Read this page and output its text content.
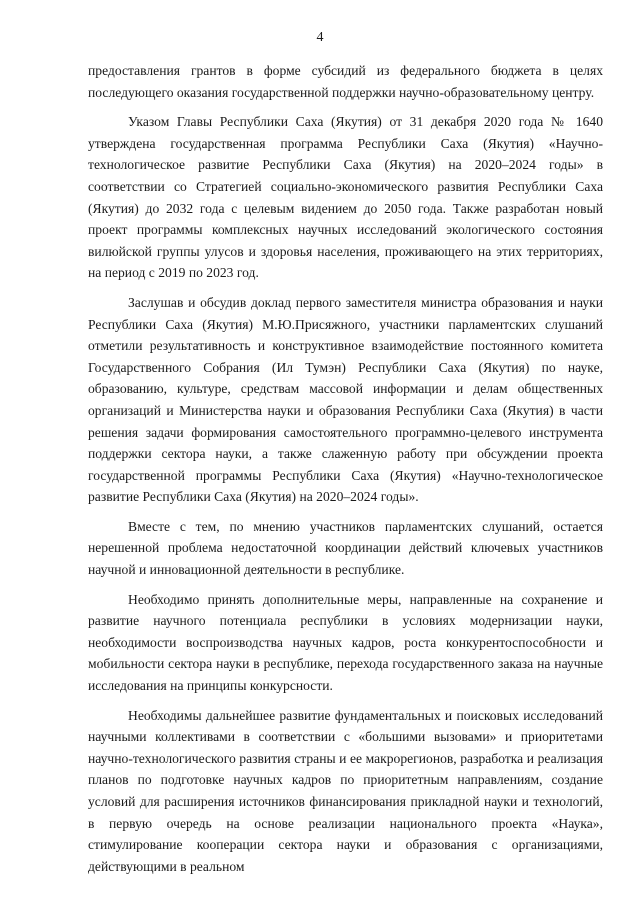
4

предоставления грантов в форме субсидий из федерального бюджета в целях последующего оказания государственной поддержки научно-образовательному центру.

Указом Главы Республики Саха (Якутия) от 31 декабря 2020 года № 1640 утверждена государственная программа Республики Саха (Якутия) «Научно-технологическое развитие Республики Саха (Якутия) на 2020–2024 годы» в соответствии со Стратегией социально-экономического развития Республики Саха (Якутия) до 2032 года с целевым видением до 2050 года. Также разработан новый проект программы комплексных научных исследований экологического состояния вилюйской группы улусов и здоровья населения, проживающего на этих территориях, на период с 2019 по 2023 год.

Заслушав и обсудив доклад первого заместителя министра образования и науки Республики Саха (Якутия) М.Ю.Присяжного, участники парламентских слушаний отметили результативность и конструктивное взаимодействие постоянного комитета Государственного Собрания (Ил Тумэн) Республики Саха (Якутия) по науке, образованию, культуре, средствам массовой информации и делам общественных организаций и Министерства науки и образования Республики Саха (Якутия) в части решения задачи формирования самостоятельного программно-целевого инструмента поддержки сектора науки, а также слаженную работу при обсуждении проекта государственной программы Республики Саха (Якутия) «Научно-технологическое развитие Республики Саха (Якутия) на 2020–2024 годы».

Вместе с тем, по мнению участников парламентских слушаний, остается нерешенной проблема недостаточной координации действий ключевых участников научной и инновационной деятельности в республике.

Необходимо принять дополнительные меры, направленные на сохранение и развитие научного потенциала республики в условиях модернизации науки, необходимости воспроизводства научных кадров, роста конкурентоспособности и мобильности сектора науки в республике, перехода государственного заказа на научные исследования на принципы конкурсности.

Необходимы дальнейшее развитие фундаментальных и поисковых исследований научными коллективами в соответствии с «большими вызовами» и приоритетами научно-технологического развития страны и ее макрорегионов, разработка и реализация планов по подготовке научных кадров по приоритетным направлениям, создание условий для расширения источников финансирования прикладной науки и технологий, в первую очередь на основе реализации национального проекта «Наука», стимулирование кооперации сектора науки и образования с организациями, действующими в реальном
